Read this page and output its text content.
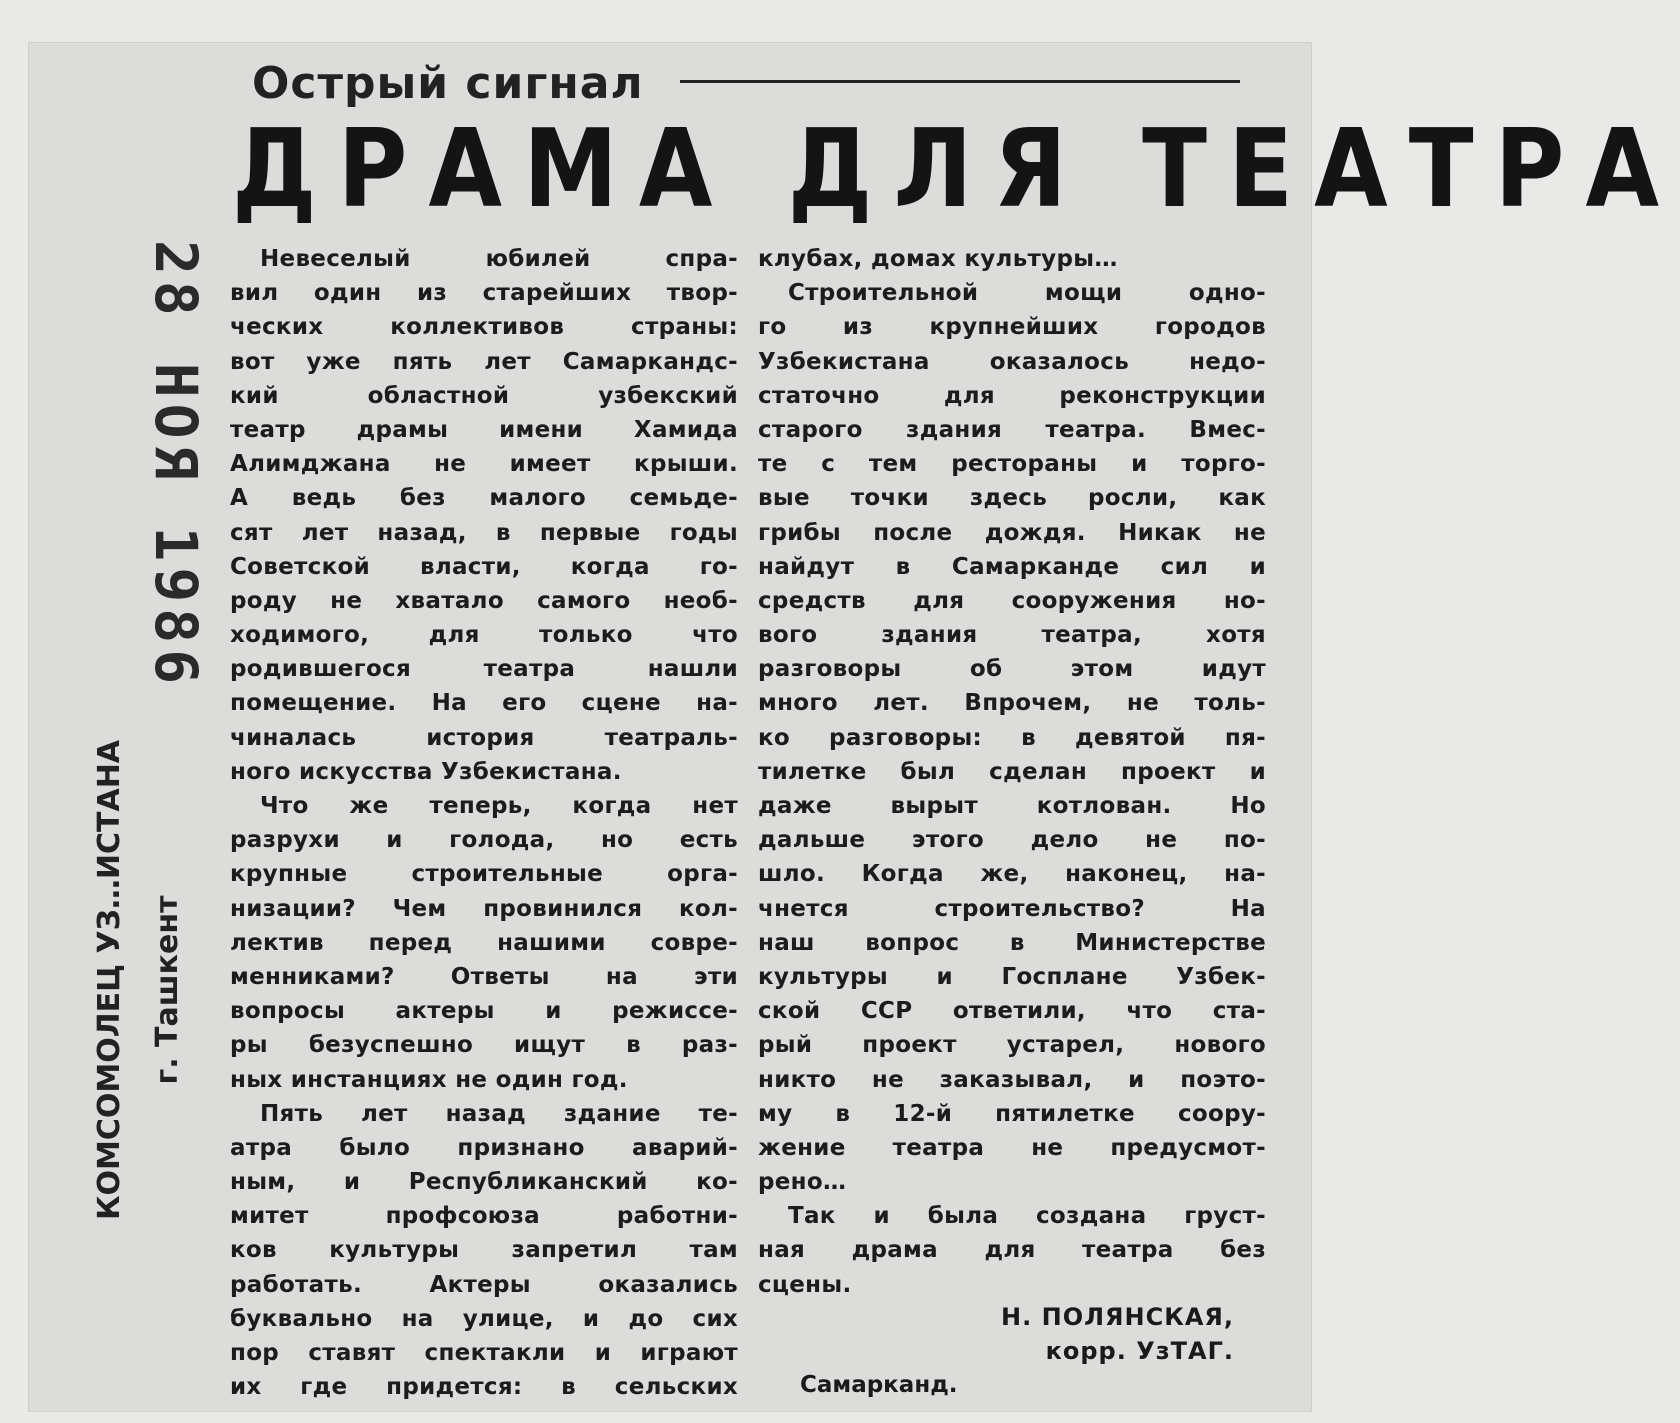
28 НОЯ 1986
КОМСОМОЛЕЦ УЗ…ИСТАНА г. Ташкент
Острый сигнал
ДРАМА ДЛЯ ТЕАТРА
Невеселый юбилей спра-
вил один из старейших твор-
ческих коллективов страны:
вот уже пять лет Самаркандс-
кий областной узбекский
театр драмы имени Хамида
Алимджана не имеет крыши.
А ведь без малого семьде-
сят лет назад, в первые годы
Советской власти, когда го-
роду не хватало самого необ-
ходимого, для только что
родившегося театра нашли
помещение. На его сцене на-
чиналась история театраль-
ного искусства Узбекистана.
Что же теперь, когда нет
разрухи и голода, но есть
крупные строительные орга-
низации? Чем провинился кол-
лектив перед нашими совре-
менниками? Ответы на эти
вопросы актеры и режиссе-
ры безуспешно ищут в раз-
ных инстанциях не один год.
Пять лет назад здание те-
атра было признано аварий-
ным, и Республиканский ко-
митет профсоюза работни-
ков культуры запретил там
работать. Актеры оказались
буквально на улице, и до сих
пор ставят спектакли и играют
их где придется: в сельских
клубах, домах культуры…
Строительной мощи одно-
го из крупнейших городов
Узбекистана оказалось недо-
статочно для реконструкции
старого здания театра. Вмес-
те с тем рестораны и торго-
вые точки здесь росли, как
грибы после дождя. Никак не
найдут в Самарканде сил и
средств для сооружения но-
вого здания театра, хотя
разговоры об этом идут
много лет. Впрочем, не толь-
ко разговоры: в девятой пя-
тилетке был сделан проект и
даже вырыт котлован. Но
дальше этого дело не по-
шло. Когда же, наконец, на-
чнется строительство? На
наш вопрос в Министерстве
культуры и Госплане Узбек-
ской ССР ответили, что ста-
рый проект устарел, нового
никто не заказывал, и поэто-
му в 12-й пятилетке соору-
жение театра не предусмот-
рено…
Так и была создана груст-
ная драма для театра без
сцены.
Н. ПОЛЯНСКАЯ,
корр. УзТАГ.
Самарканд.
